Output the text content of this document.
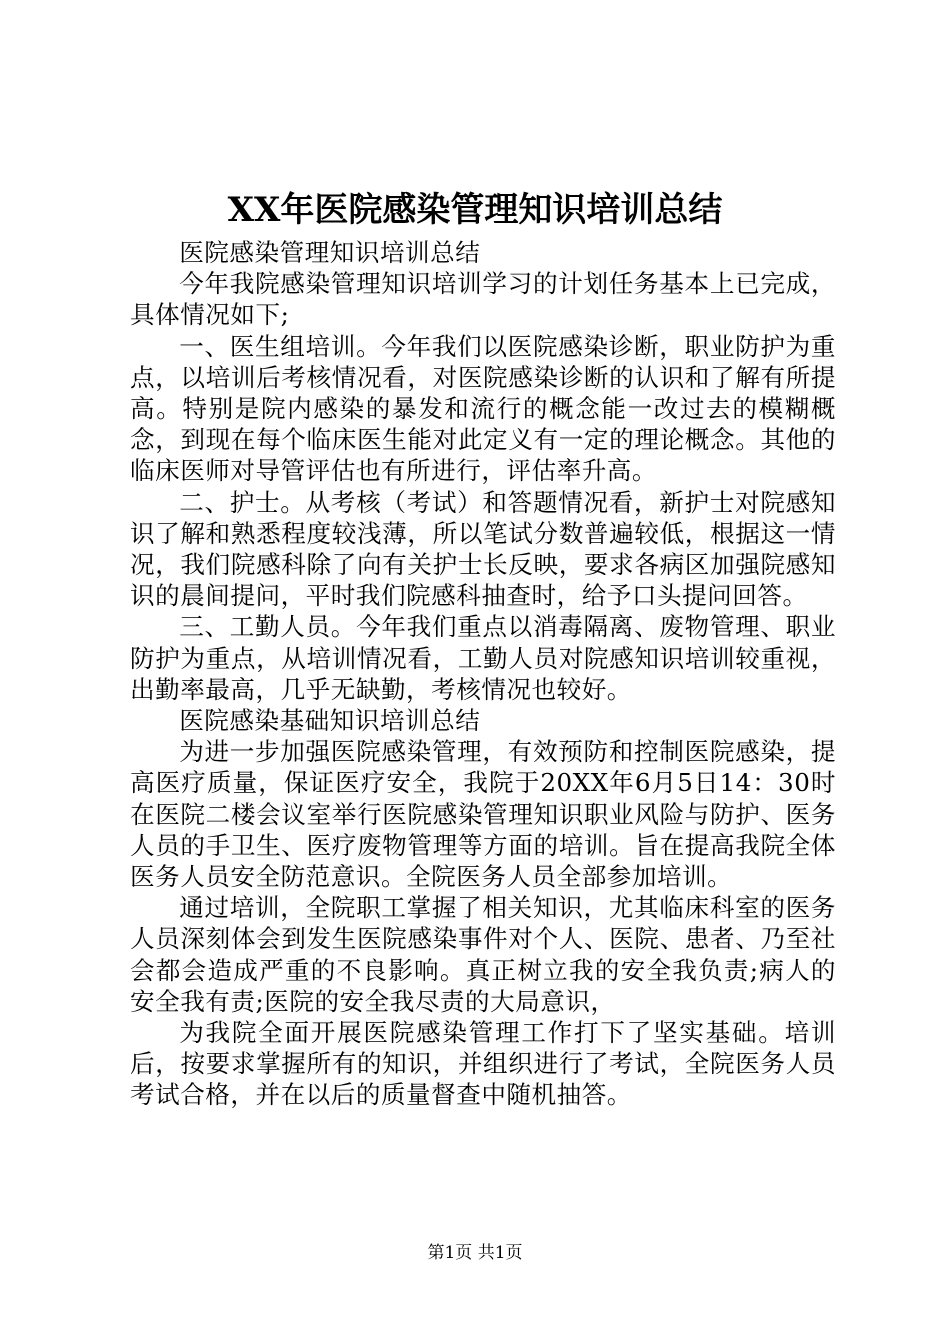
XX年医院感染管理知识培训总结

医院感染管理知识培训总结

今年我院感染管理知识培训学习的计划任务基本上已完成，具体情况如下;

一、医生组培训。今年我们以医院感染诊断，职业防护为重点，以培训后考核情况看，对医院感染诊断的认识和了解有所提高。特别是院内感染的暴发和流行的概念能一改过去的模糊概念，到现在每个临床医生能对此定义有一定的理论概念。其他的临床医师对导管评估也有所进行，评估率升高。

二、护士。从考核（考试）和答题情况看，新护士对院感知识了解和熟悉程度较浅薄，所以笔试分数普遍较低，根据这一情况，我们院感科除了向有关护士长反映，要求各病区加强院感知识的晨间提问，平时我们院感科抽查时，给予口头提问回答。

三、工勤人员。今年我们重点以消毒隔离、废物管理、职业防护为重点，从培训情况看，工勤人员对院感知识培训较重视，出勤率最高，几乎无缺勤，考核情况也较好。

医院感染基础知识培训总结

为进一步加强医院感染管理，有效预防和控制医院感染，提高医疗质量，保证医疗安全，我院于20XX年6月5日14：30时在医院二楼会议室举行医院感染管理知识职业风险与防护、医务人员的手卫生、医疗废物管理等方面的培训。旨在提高我院全体医务人员安全防范意识。全院医务人员全部参加培训。

通过培训，全院职工掌握了相关知识，尤其临床科室的医务人员深刻体会到发生医院感染事件对个人、医院、患者、乃至社会都会造成严重的不良影响。真正树立我的安全我负责;病人的安全我有责;医院的安全我尽责的大局意识，

为我院全面开展医院感染管理工作打下了坚实基础。培训后，按要求掌握所有的知识，并组织进行了考试，全院医务人员考试合格，并在以后的质量督查中随机抽答。

第1页 共1页
